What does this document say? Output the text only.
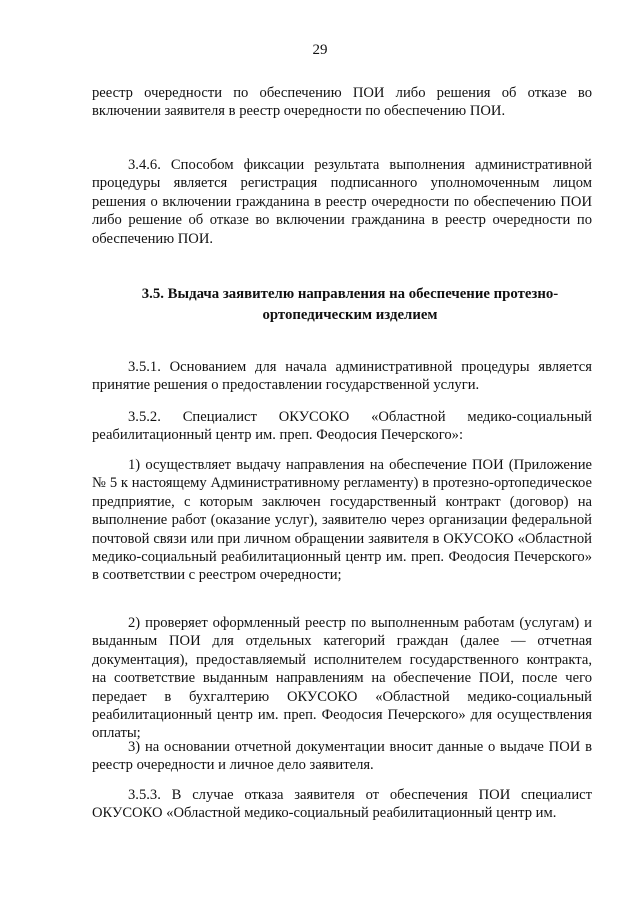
29

реестр очередности по обеспечению ПОИ либо решения об отказе во включении заявителя в реестр очередности по обеспечению ПОИ.

3.4.6. Способом фиксации результата выполнения административной процедуры является регистрация подписанного уполномоченным лицом решения о включении гражданина в реестр очередности по обеспечению ПОИ либо решение об отказе во включении гражданина в реестр очередности по обеспечению ПОИ.

3.5. Выдача заявителю направления на обеспечение протезно-ортопедическим изделием

3.5.1. Основанием для начала административной процедуры является принятие решения о предоставлении государственной услуги.

3.5.2. Специалист ОКУСОКО «Областной медико-социальный реабилитационный центр им. преп. Феодосия Печерского»:

1) осуществляет выдачу направления на обеспечение ПОИ (Приложение № 5 к настоящему Административному регламенту) в протезно-ортопедическое предприятие, с которым заключен государственный контракт (договор) на выполнение работ (оказание услуг), заявителю через организации федеральной почтовой связи или при личном обращении заявителя в ОКУСОКО «Областной медико-социальный реабилитационный центр им. преп. Феодосия Печерского» в соответствии с реестром очередности;

2) проверяет оформленный реестр по выполненным работам (услугам) и выданным ПОИ для отдельных категорий граждан (далее — отчетная документация), предоставляемый исполнителем государственного контракта, на соответствие выданным направлениям на обеспечение ПОИ, после чего передает в бухгалтерию ОКУСОКО «Областной медико-социальный реабилитационный центр им. преп. Феодосия Печерского» для осуществления оплаты;

3) на основании отчетной документации вносит данные о выдаче ПОИ в реестр очередности и личное дело заявителя.

3.5.3. В случае отказа заявителя от обеспечения ПОИ специалист ОКУСОКО «Областной медико-социальный реабилитационный центр им.
